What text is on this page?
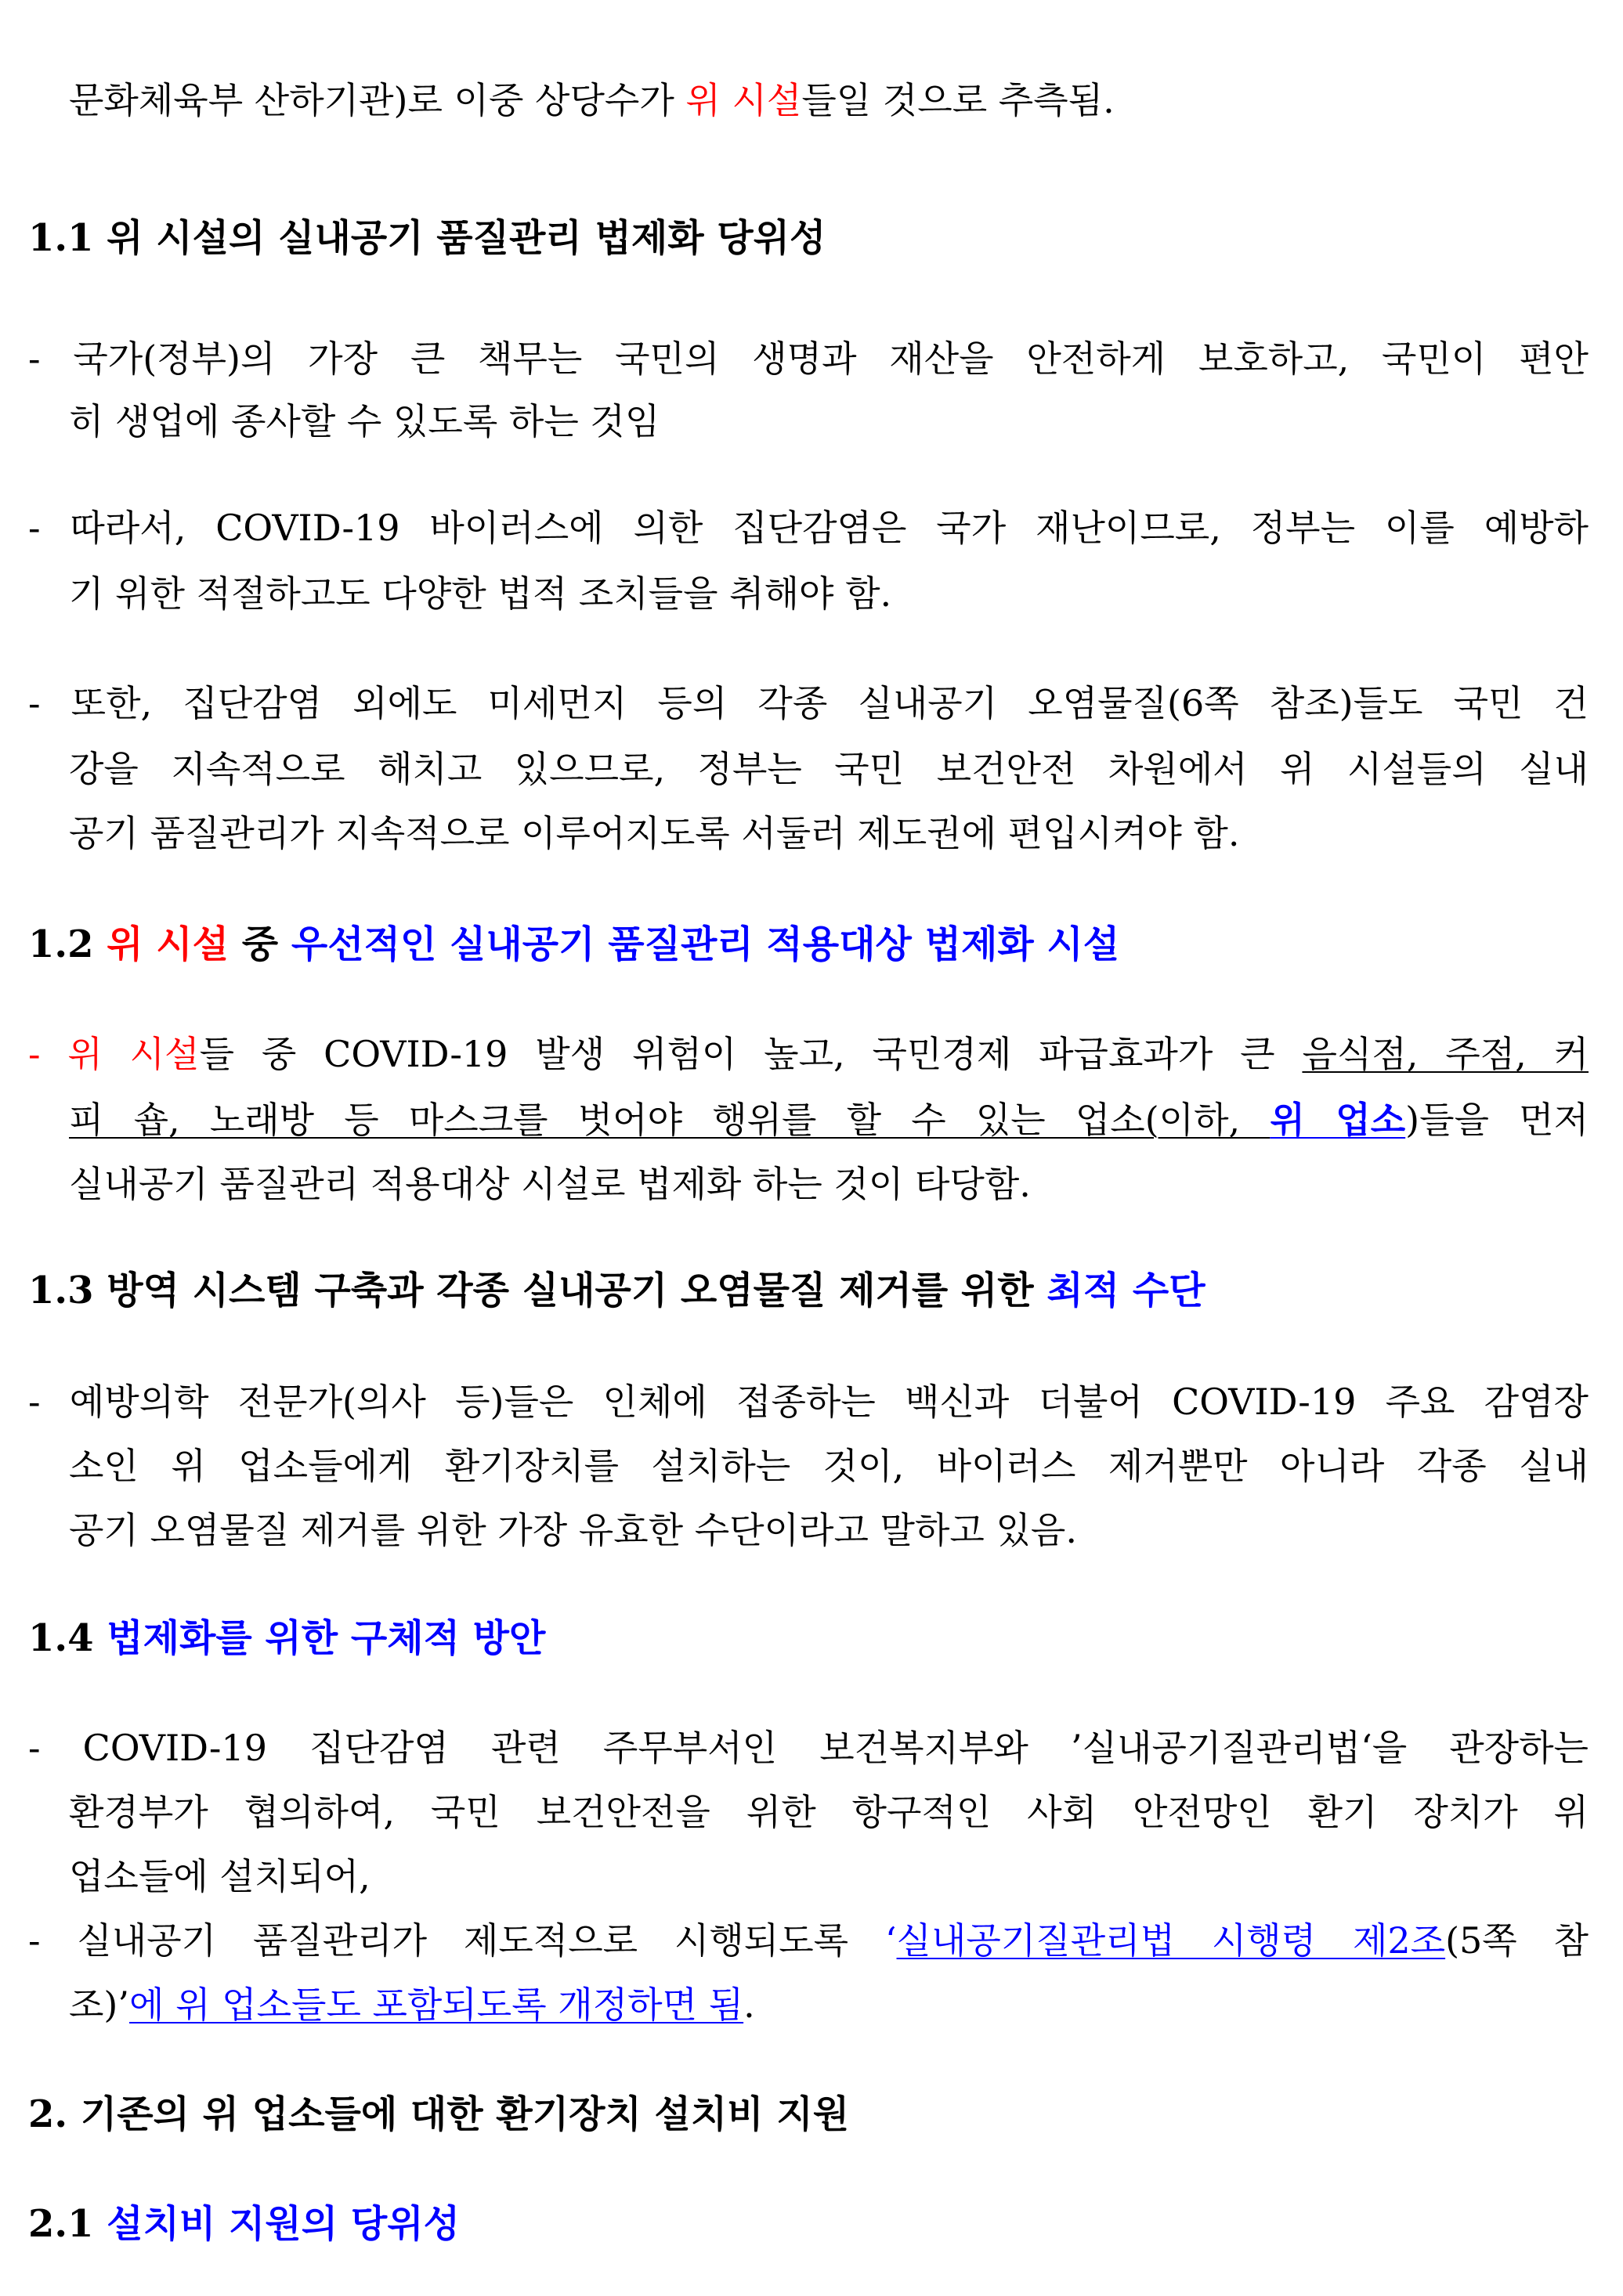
문화체육부 산하기관)로 이중 상당수가 위 시설들일 것으로 추측됨.
1.1 위 시설의 실내공기 품질관리 법제화 당위성
- 국가(정부)의 가장 큰 책무는 국민의 생명과 재산을 안전하게 보호하고, 국민이 편안
히 생업에 종사할 수 있도록 하는 것임
- 따라서, COVID-19 바이러스에 의한 집단감염은 국가 재난이므로, 정부는 이를 예방하
기 위한 적절하고도 다양한 법적 조치들을 취해야 함.
- 또한, 집단감염 외에도 미세먼지 등의 각종 실내공기 오염물질(6쪽 참조)들도 국민 건
강을 지속적으로 해치고 있으므로, 정부는 국민 보건안전 차원에서 위 시설들의 실내
공기 품질관리가 지속적으로 이루어지도록 서둘러 제도권에 편입시켜야 함.
1.2 위 시설 중 우선적인 실내공기 품질관리 적용대상 법제화 시설
- 위 시설들 중 COVID-19 발생 위험이 높고, 국민경제 파급효과가 큰 음식점, 주점, 커
피 숍, 노래방 등 마스크를 벗어야 행위를 할 수 있는 업소(이하, 위 업소)들을 먼저
실내공기 품질관리 적용대상 시설로 법제화 하는 것이 타당함.
1.3 방역 시스템 구축과 각종 실내공기 오염물질 제거를 위한 최적 수단
- 예방의학 전문가(의사 등)들은 인체에 접종하는 백신과 더불어 COVID-19 주요 감염장
소인 위 업소들에게 환기장치를 설치하는 것이, 바이러스 제거뿐만 아니라 각종 실내
공기 오염물질 제거를 위한 가장 유효한 수단이라고 말하고 있음.
1.4 법제화를 위한 구체적 방안
- COVID-19 집단감염 관련 주무부서인 보건복지부와 ’실내공기질관리법‘을 관장하는
환경부가 협의하여, 국민 보건안전을 위한 항구적인 사회 안전망인 환기 장치가 위
업소들에 설치되어,
- 실내공기 품질관리가 제도적으로 시행되도록 ‘실내공기질관리법 시행령 제2조(5쪽 참
조)’에 위 업소들도 포함되도록 개정하면 됨.
2. 기존의 위 업소들에 대한 환기장치 설치비 지원
2.1 설치비 지원의 당위성
